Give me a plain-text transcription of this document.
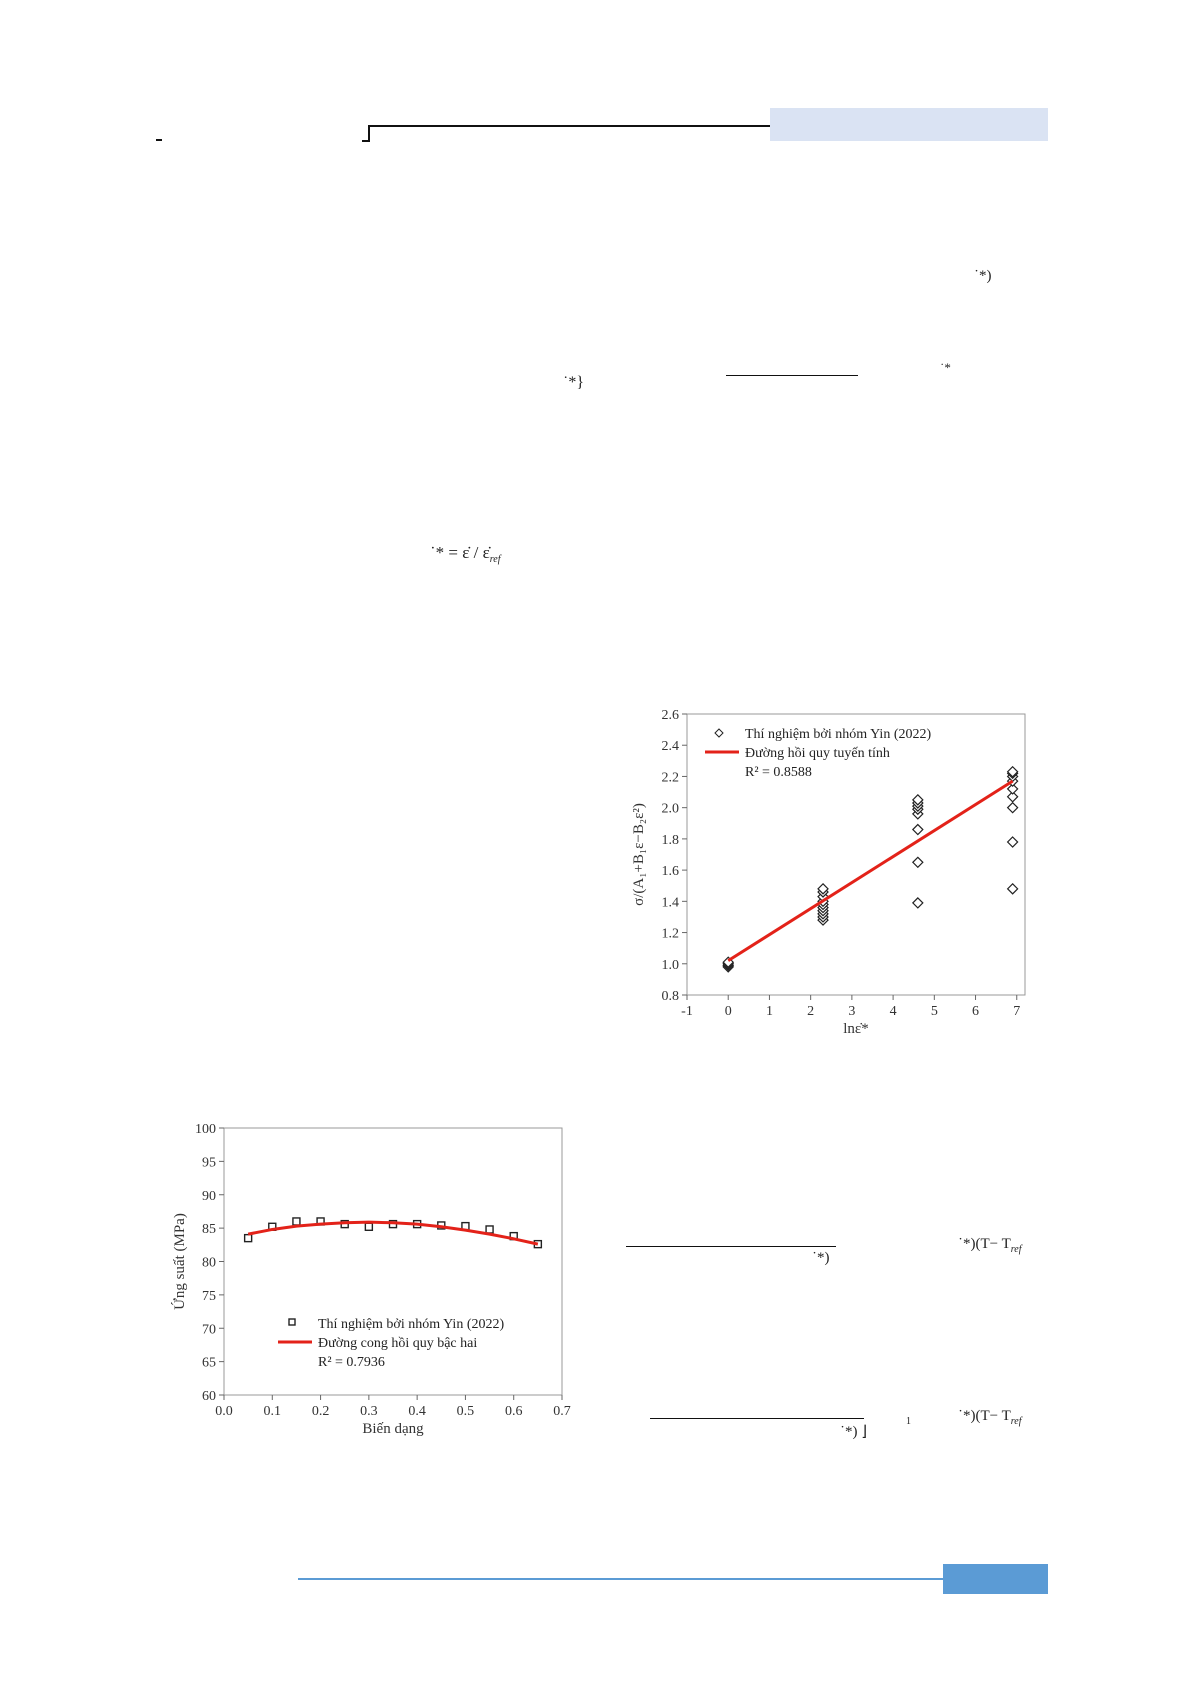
˙*)
˙*}
˙*
˙* = ε̇ / $\varepsiloṅ_{ref}$
-1 0 1 2 3 4 5 6 7
0.8
1.0
1.2
1.4
1.6
1.8
2.0
2.2
2.4
2.6
lnε̇*
σ/(A₁+B₁ε−B₂ε²)
Thí nghiệm bởi nhóm Yin (2022)
Đường hồi quy tuyến tính
R² = 0.8588
0.0 0.1 0.2 0.3 0.4 0.5 0.6 0.7
60
65
70
75
80
85
90
95
100
Biến dạng
Ứng suất (MPa)
Thí nghiệm bởi nhóm Yin (2022)
Đường cong hồi quy bậc hai
R² = 0.7936
˙*)
˙*)(T− $T_{ref}$
˙*) ⌋
1	˙*)(T− $T_{ref}$
